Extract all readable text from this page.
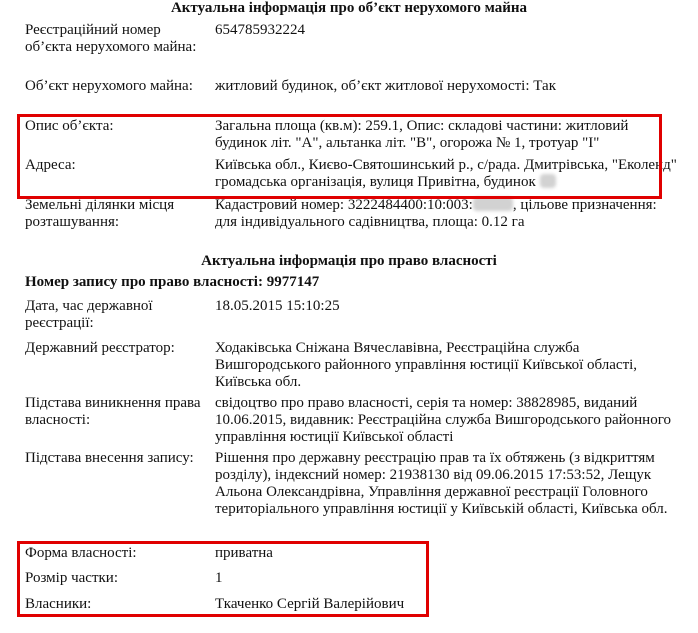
Актуальна інформація про об’єкт нерухомого майна
Реєстраційний номер об’єкта нерухомого майна:
654785932224
Об’єкт нерухомого майна:	житловий будинок, об’єкт житлової нерухомості: Так
Опис об’єкта:	Загальна площа (кв.м): 259.1, Опис: складові частини: житловий будинок літ. "А", альтанка літ. "В", огорожа № 1, тротуар "І"
Адреса:	Київська обл., Києво-Святошинський р., с/рада. Дмитрівська, "Еколенд" громадська організація, вулиця Привітна, будинок
Земельні ділянки місця розташування:
Кадастровий номер: 3222484400:10:003:	, цільове призначення: для індивідуального садівництва, площа: 0.12 га
Актуальна інформація про право власності
Номер запису про право власності: 9977147
Дата, час державної реєстрації:
18.05.2015 15:10:25
Державний реєстратор:	Ходаківська Сніжана Вячеславівна, Реєстраційна служба Вишгородського районного управління юстиції Київської області, Київська обл.
Підстава виникнення права власності:
свідоцтво про право власності, серія та номер: 38828985, виданий 10.06.2015, видавник: Реєстраційна служба Вишгородського районного управління юстиції Київської області
Підстава внесення запису:	Рішення про державну реєстрацію прав та їх обтяжень (з відкриттям розділу), індексний номер: 21938130 від 09.06.2015 17:53:52, Лещук Альона Олександрівна, Управління державної реєстрації Головного територіального управління юстиції у Київській області, Київська обл.
Форма власності:	приватна
Розмір частки:	1
Власники:	Ткаченко Сергій Валерійович
